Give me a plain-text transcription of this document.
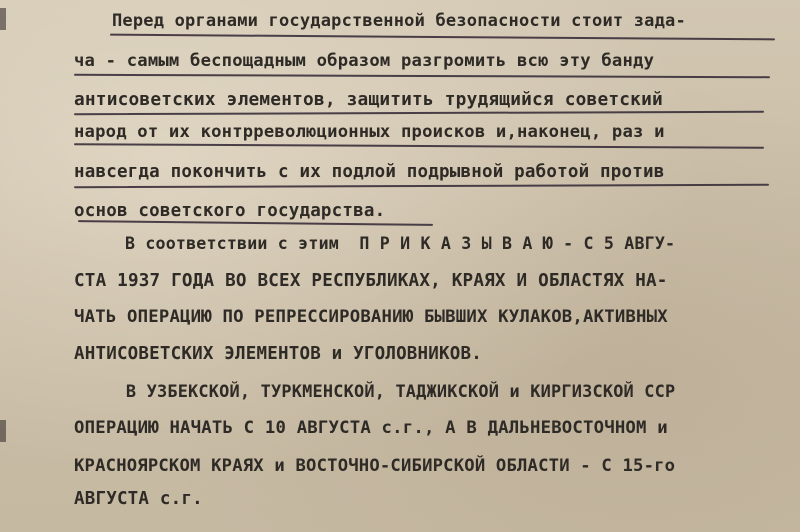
Перед органами государственной безопасности стоит зада-
ча - самым беспощадным образом разгромить всю эту банду
антисоветских элементов, защитить трудящийся советский
народ от их контрреволюционных происков и,наконец, раз и
навсегда покончить с их подлой подрывной работой против
основ советского государства.
В соответствии с этим  П Р И К А З Ы В А Ю - С 5 АВГУ-
СТА 1937 ГОДА ВО ВСЕХ РЕСПУБЛИКАХ, КРАЯХ И ОБЛАСТЯХ НА-
ЧАТЬ ОПЕРАЦИЮ ПО РЕПРЕССИРОВАНИЮ БЫВШИХ КУЛАКОВ,АКТИВНЫХ
АНТИСОВЕТСКИХ ЭЛЕМЕНТОВ и УГОЛОВНИКОВ.
В УЗБЕКСКОЙ, ТУРКМЕНСКОЙ, ТАДЖИКСКОЙ и КИРГИЗСКОЙ ССР
ОПЕРАЦИЮ НАЧАТЬ С 10 АВГУСТА с.г., А В ДАЛЬНЕВОСТОЧНОМ и
КРАСНОЯРСКОМ КРАЯХ и ВОСТОЧНО-СИБИРСКОЙ ОБЛАСТИ - С 15-го
АВГУСТА с.г.
